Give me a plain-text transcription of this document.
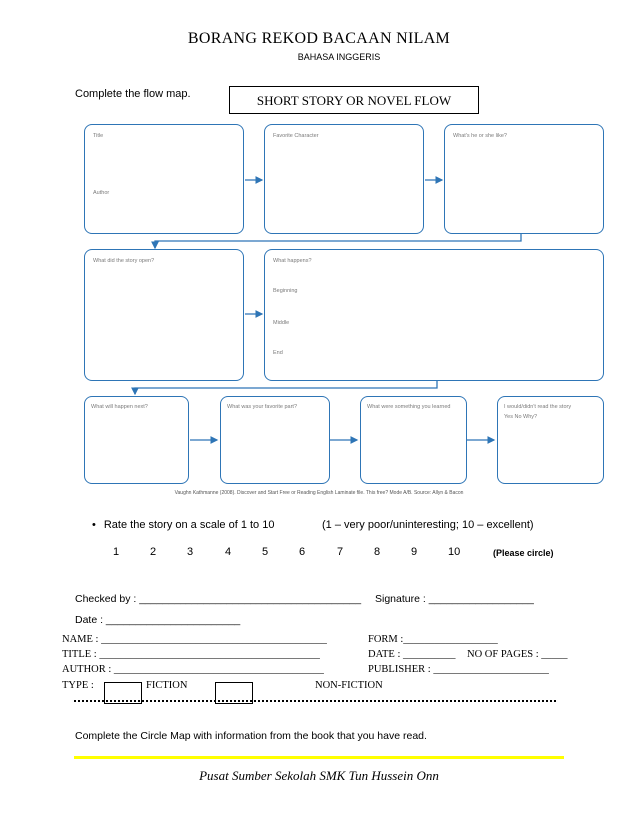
BORANG REKOD BACAAN NILAM
BAHASA INGGERIS
Complete the flow map.	SHORT STORY OR NOVEL FLOW
Title
Author
Favorite Character	What's he or she like?
What did the story open?	What happens?
Beginning
Middle
End
What will happen next?	What was your favorite part?	What were something you learned	I would/didn't read the story
Yes No Why?
Vaughn Kathmanne (2008). Discover and Start Free or Reading English Laminate file. This free? Mode A/B. Source: Allyn & Bacon
• Rate the story on a scale of 1 to 10	(1 – very poor/uninteresting; 10 – excellent)
1	2	3	4	5	6	7	8	9	10	(Please circle)
Checked by : ______________________________________ Signature : __________________
Date : _______________________
NAME : ___________________________________________	FORM :__________________
TITLE : __________________________________________	DATE : __________ NO OF PAGES : _____
AUTHOR : ________________________________________	PUBLISHER : ______________________
TYPE :	FICTION	NON-FICTION
Complete the Circle Map with information from the book that you have read.
Pusat Sumber Sekolah SMK Tun Hussein Onn
